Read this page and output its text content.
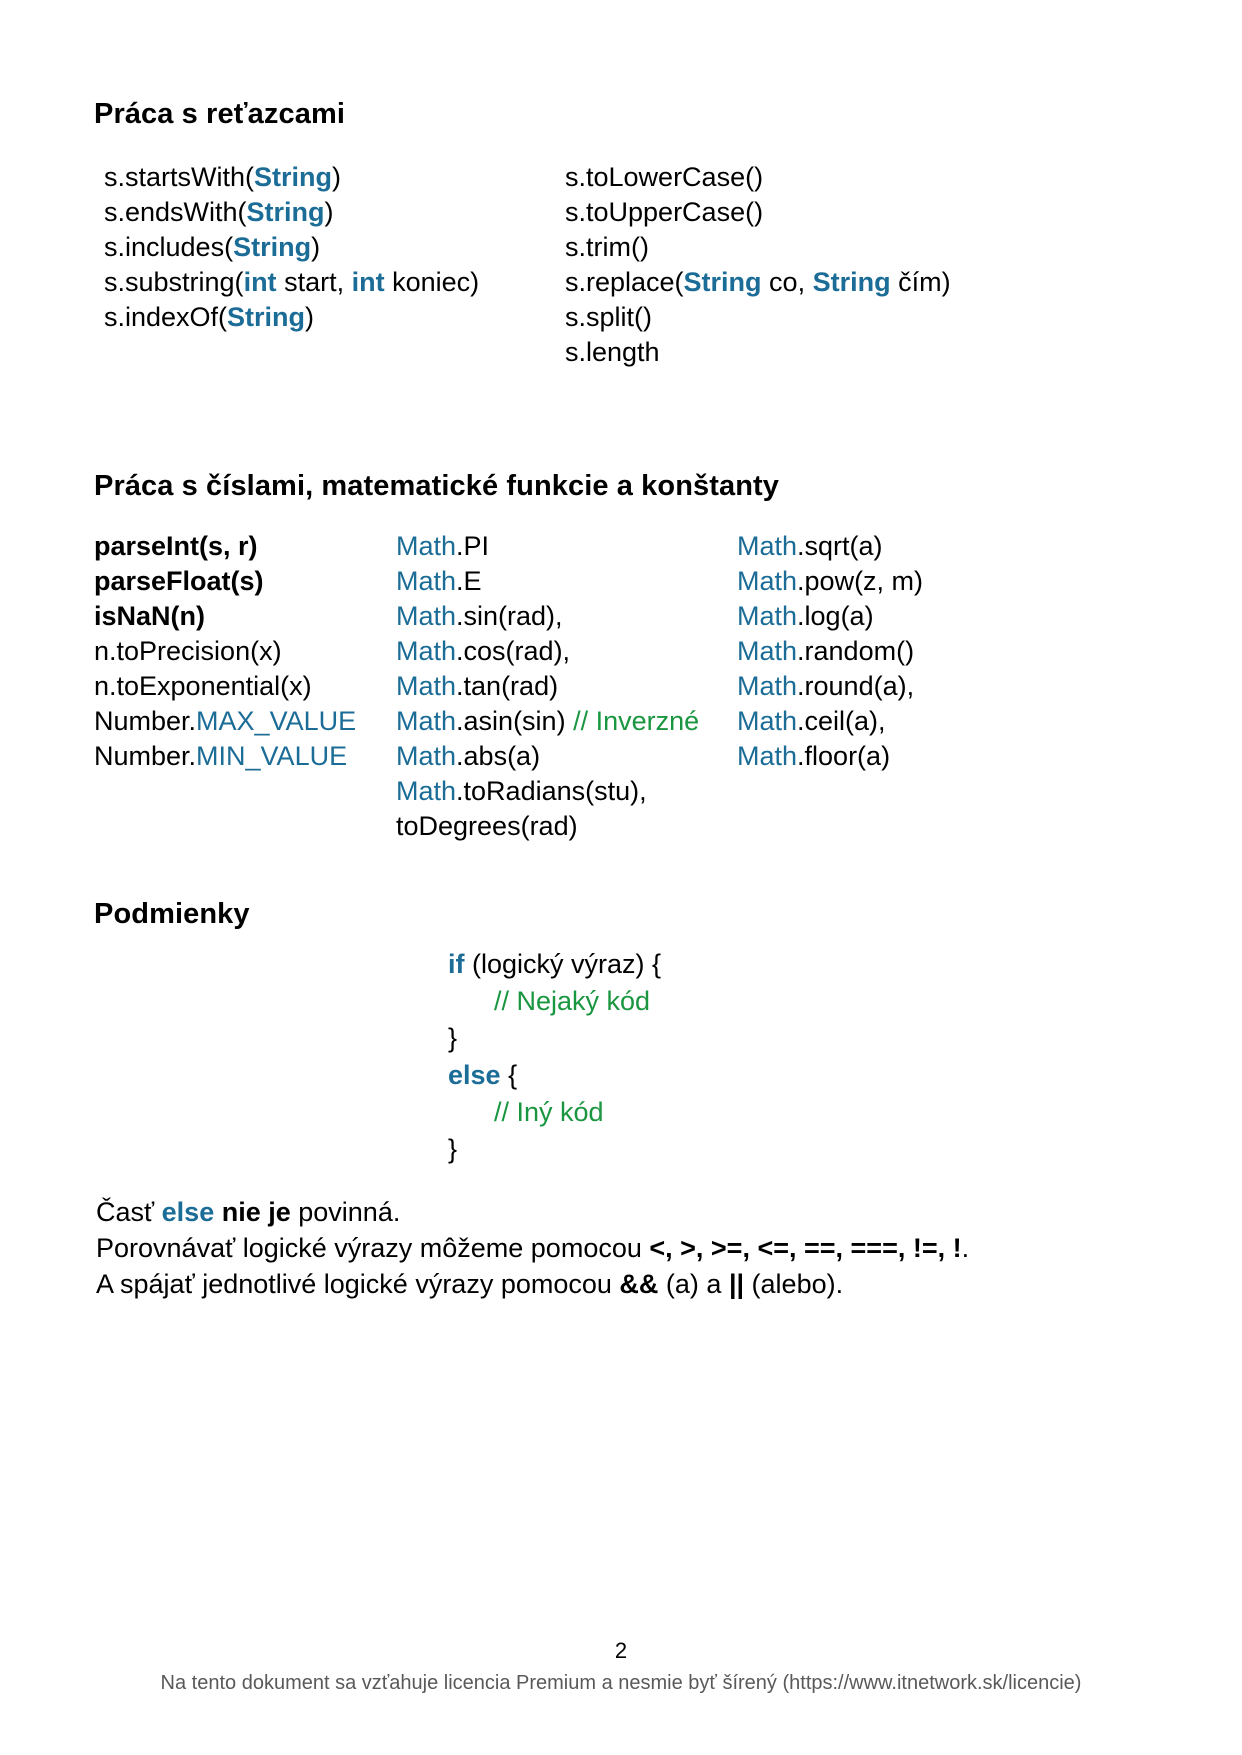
Práca s reťazcami
s.startsWith(String)
s.endsWith(String)
s.includes(String)
s.substring(int start, int koniec)
s.indexOf(String)
s.toLowerCase()
s.toUpperCase()
s.trim()
s.replace(String co, String čím)
s.split()
s.length
Práca s číslami, matematické funkcie a konštanty
parseInt(s, r)
parseFloat(s)
isNaN(n)
n.toPrecision(x)
n.toExponential(x)
Number.MAX_VALUE
Number.MIN_VALUE
Math.PI
Math.E
Math.sin(rad),
Math.cos(rad),
Math.tan(rad)
Math.asin(sin) // Inverzné
Math.abs(a)
Math.toRadians(stu),
toDegrees(rad)
Math.sqrt(a)
Math.pow(z, m)
Math.log(a)
Math.random()
Math.round(a),
Math.ceil(a),
Math.floor(a)
Podmienky
if (logický výraz) {
// Nejaký kód
}
else {
// Iný kód
}
Časť else nie je povinná.
Porovnávať logické výrazy môžeme pomocou <, >, >=, <=, ==, ===, !=, !.
A spájať jednotlivé logické výrazy pomocou && (a) a || (alebo).
2
Na tento dokument sa vzťahuje licencia Premium a nesmie byť šírený (https://www.itnetwork.sk/licencie)
